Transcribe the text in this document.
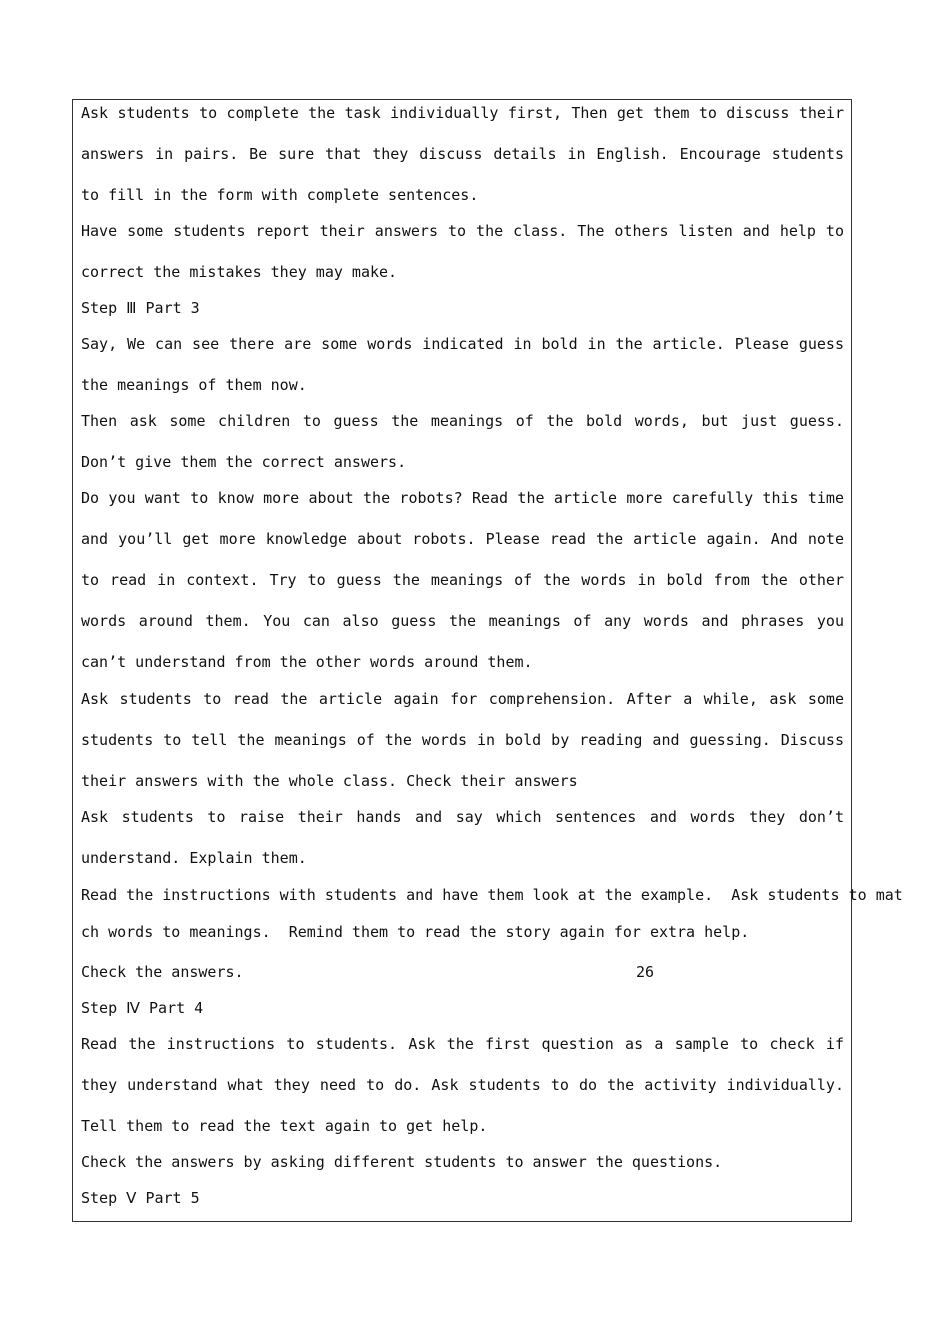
Ask students to complete the task individually first, Then get them to discuss their answers in pairs. Be sure that they discuss details in English. Encourage students to fill in the form with complete sentences.
Have some students report their answers to the class. The others listen and help to correct the mistakes they may make.
Step Ⅲ Part 3
Say, We can see there are some words indicated in bold in the article. Please guess the meanings of them now.
Then ask some children to guess the meanings of the bold words, but just guess. Don’t give them the correct answers.
Do you want to know more about the robots? Read the article more carefully this time and you’ll get more knowledge about robots. Please read the article again. And note to read in context. Try to guess the meanings of the words in bold from the other words around them. You can also guess the meanings of any words and phrases you can’t understand from the other words around them.
Ask students to read the article again for comprehension. After a while, ask some students to tell the meanings of the words in bold by reading and guessing. Discuss their answers with the whole class. Check their answers
Ask students to raise their hands and say which sentences and words they don’t understand. Explain them.
Read the instructions with students and have them look at the example.  Ask students to mat
ch words to meanings.  Remind them to read the story again for extra help.
Check the answers.	26
Step Ⅳ Part 4
Read the instructions to students. Ask the first question as a sample to check if they understand what they need to do. Ask students to do the activity individually. Tell them to read the text again to get help.
Check the answers by asking different students to answer the questions.
Step Ⅴ Part 5
